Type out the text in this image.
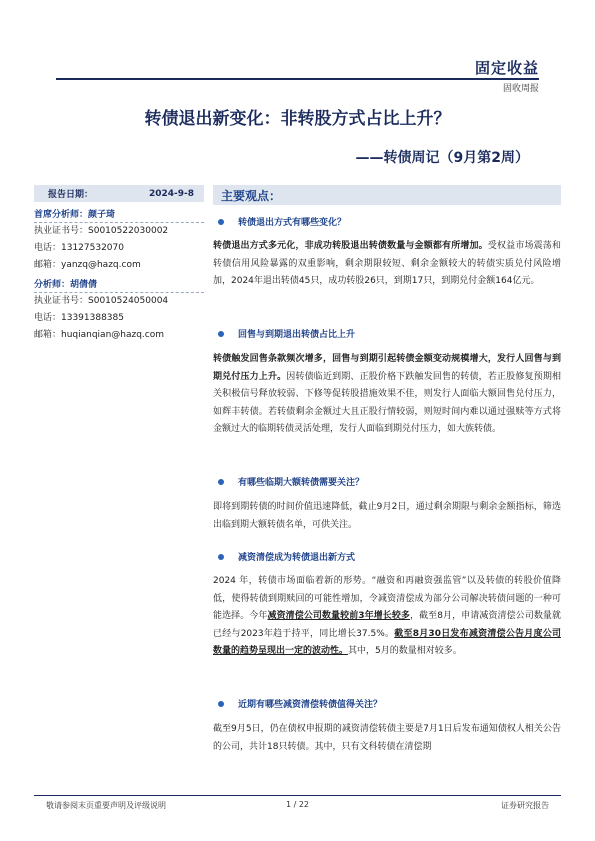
固定收益
固收周报
转债退出新变化：非转股方式占比上升？
——转债周记（9月第2周）
报告日期：	2024-9-8
首席分析师：颜子琦
执业证书号：S0010522030002
电话：13127532070
邮箱：yanzq@hazq.com
分析师：胡倩倩
执业证书号：S0010524050004
电话：13391388385
邮箱：huqianqian@hazq.com
主要观点：
转债退出方式有哪些变化？
转债退出方式多元化，非成功转股退出转债数量与金额都有所增加。受权益市场震荡和转债信用风险暴露的双重影响，剩余期限较短、剩余金额较大的转债实质兑付风险增加，2024年退出转债45只，成功转股26只，到期17只，到期兑付金额164亿元。
回售与到期退出转债占比上升
转债触发回售条款频次增多，回售与到期引起转债金额变动规模增大，发行人回售与到期兑付压力上升。因转债临近到期、正股价格下跌触发回售的转债，若正股修复预期相关积极信号释放较弱、下修等促转股措施效果不佳，则发行人面临大额回售兑付压力，如辉丰转债。若转债剩余金额过大且正股行情较弱，则短时间内难以通过强赎等方式将金额过大的临期转债灵活处理，发行人面临到期兑付压力，如大族转债。
有哪些临期大额转债需要关注？
即将到期转债的时间价值迅速降低，截止9月2日，通过剩余期限与剩余金额指标，筛选出临到期大额转债名单，可供关注。
减资清偿成为转债退出新方式
2024 年，转债市场面临着新的形势。“融资和再融资强监管”以及转债的转股价值降低，使得转债到期赎回的可能性增加，令减资清偿成为部分公司解决转债问题的一种可能选择。今年减资清偿公司数量较前3年增长较多，截至8月，申请减资清偿公司数量就已经与2023年趋于持平，同比增长37.5%。截至8月30日发布减资清偿公告月度公司数量的趋势呈现出一定的波动性。其中，5月的数量相对较多。
近期有哪些减资清偿转债值得关注？
截至9月5日，仍在债权申报期的减资清偿转债主要是7月1日后发布通知债权人相关公告的公司，共计18只转债。其中，只有文科转债在清偿期
敬请参阅末页重要声明及评级说明	1 / 22	证券研究报告
